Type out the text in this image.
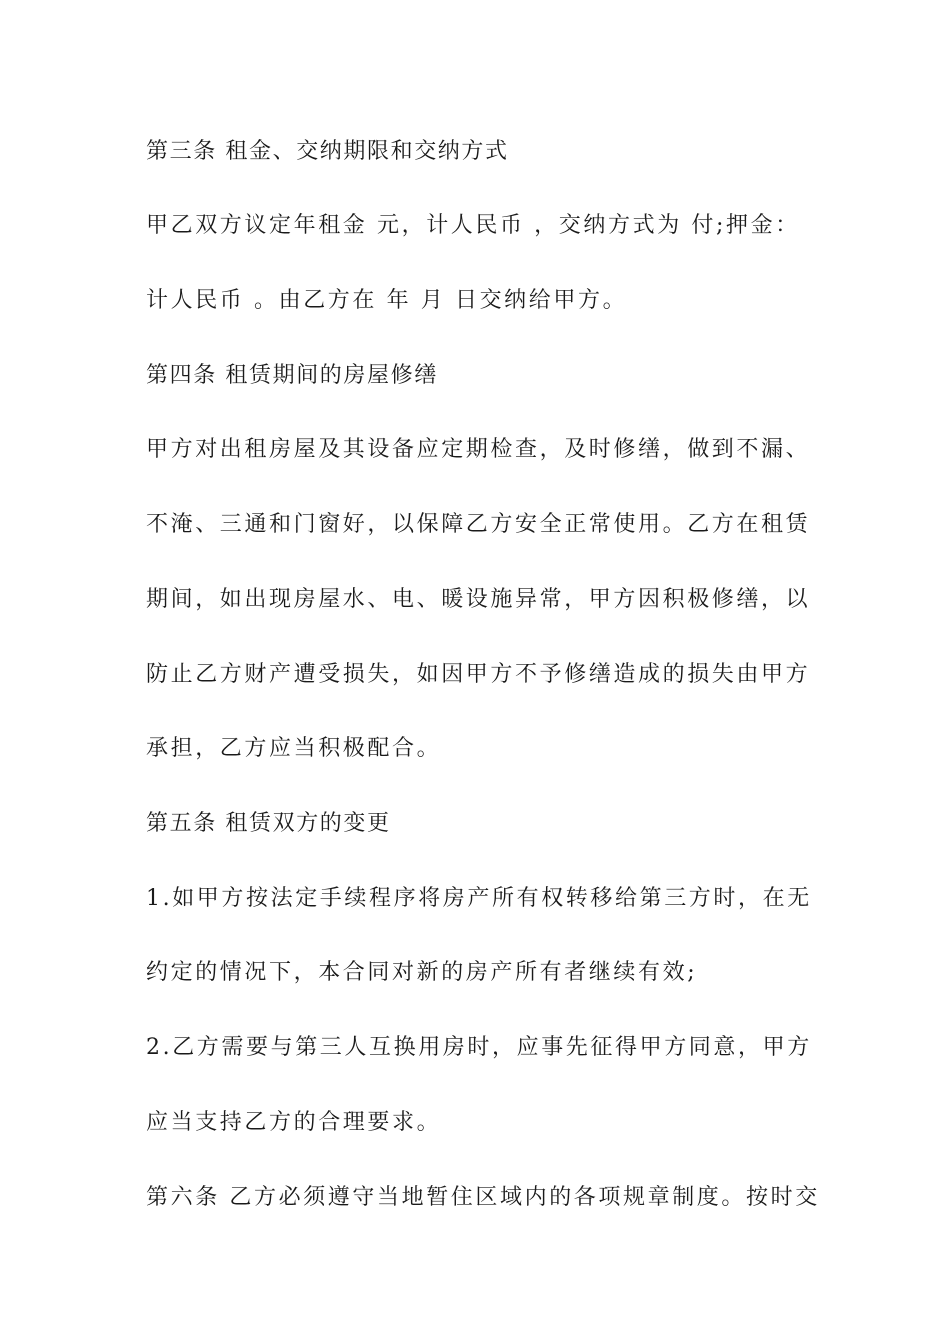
第三条 租金、交纳期限和交纳方式
甲乙双方议定年租金 元，计人民币 ，交纳方式为 付;押金：
计人民币 。由乙方在 年 月 日交纳给甲方。
第四条 租赁期间的房屋修缮
甲方对出租房屋及其设备应定期检查，及时修缮，做到不漏、
不淹、三通和门窗好，以保障乙方安全正常使用。乙方在租赁
期间，如出现房屋水、电、暖设施异常，甲方因积极修缮，以
防止乙方财产遭受损失，如因甲方不予修缮造成的损失由甲方
承担，乙方应当积极配合。
第五条 租赁双方的变更
1.如甲方按法定手续程序将房产所有权转移给第三方时，在无
约定的情况下，本合同对新的房产所有者继续有效;
2.乙方需要与第三人互换用房时，应事先征得甲方同意，甲方
应当支持乙方的合理要求。
第六条 乙方必须遵守当地暂住区域内的各项规章制度。按时交
